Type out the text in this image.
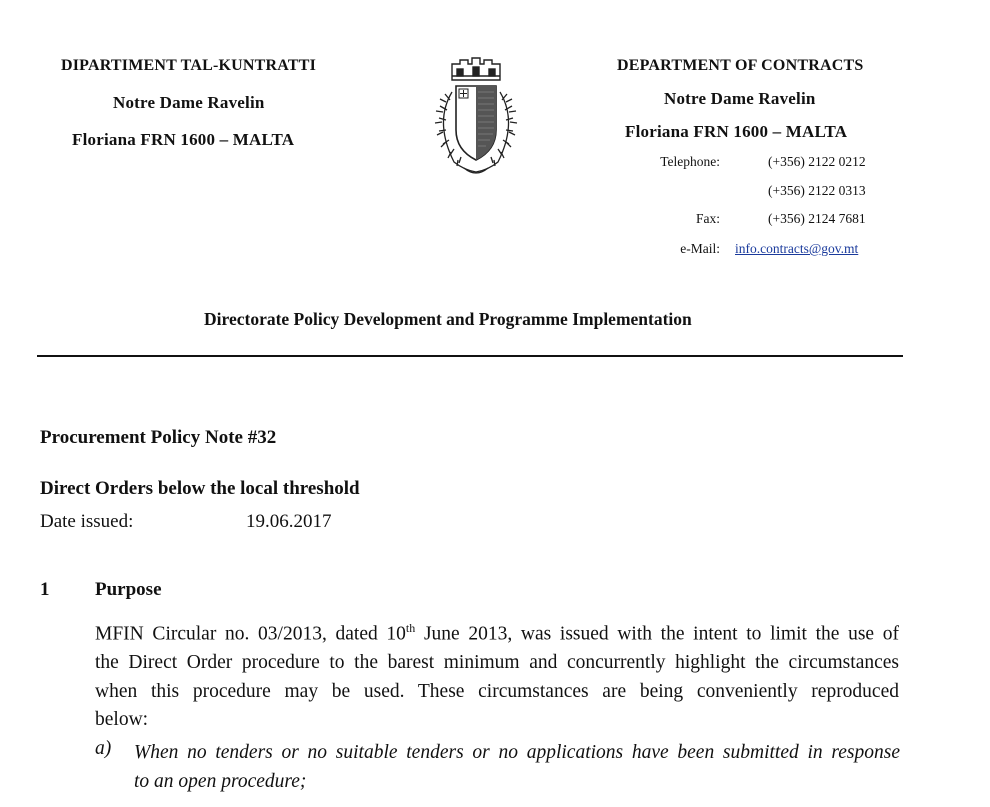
DIPARTIMENT TAL-KUNTRATTI
Notre Dame Ravelin
Floriana FRN 1600 – MALTA
DEPARTMENT OF CONTRACTS
Notre Dame Ravelin
Floriana FRN 1600 – MALTA
Telephone:	(+356) 2122 0212
(+356) 2122 0313
Fax:	(+356) 2124 7681
e-Mail: info.contracts@gov.mt
Directorate Policy Development and Programme Implementation
Procurement Policy Note #32
Direct Orders below the local threshold
Date issued:	19.06.2017
1 Purpose
MFIN Circular no. 03/2013, dated 10th June 2013, was issued with the intent to limit the use of
the Direct Order procedure to the barest minimum and concurrently highlight the circumstances
when this procedure may be used. These circumstances are being conveniently reproduced
below:
a) When no tenders or no suitable tenders or no applications have been submitted in response
to an open procedure;
